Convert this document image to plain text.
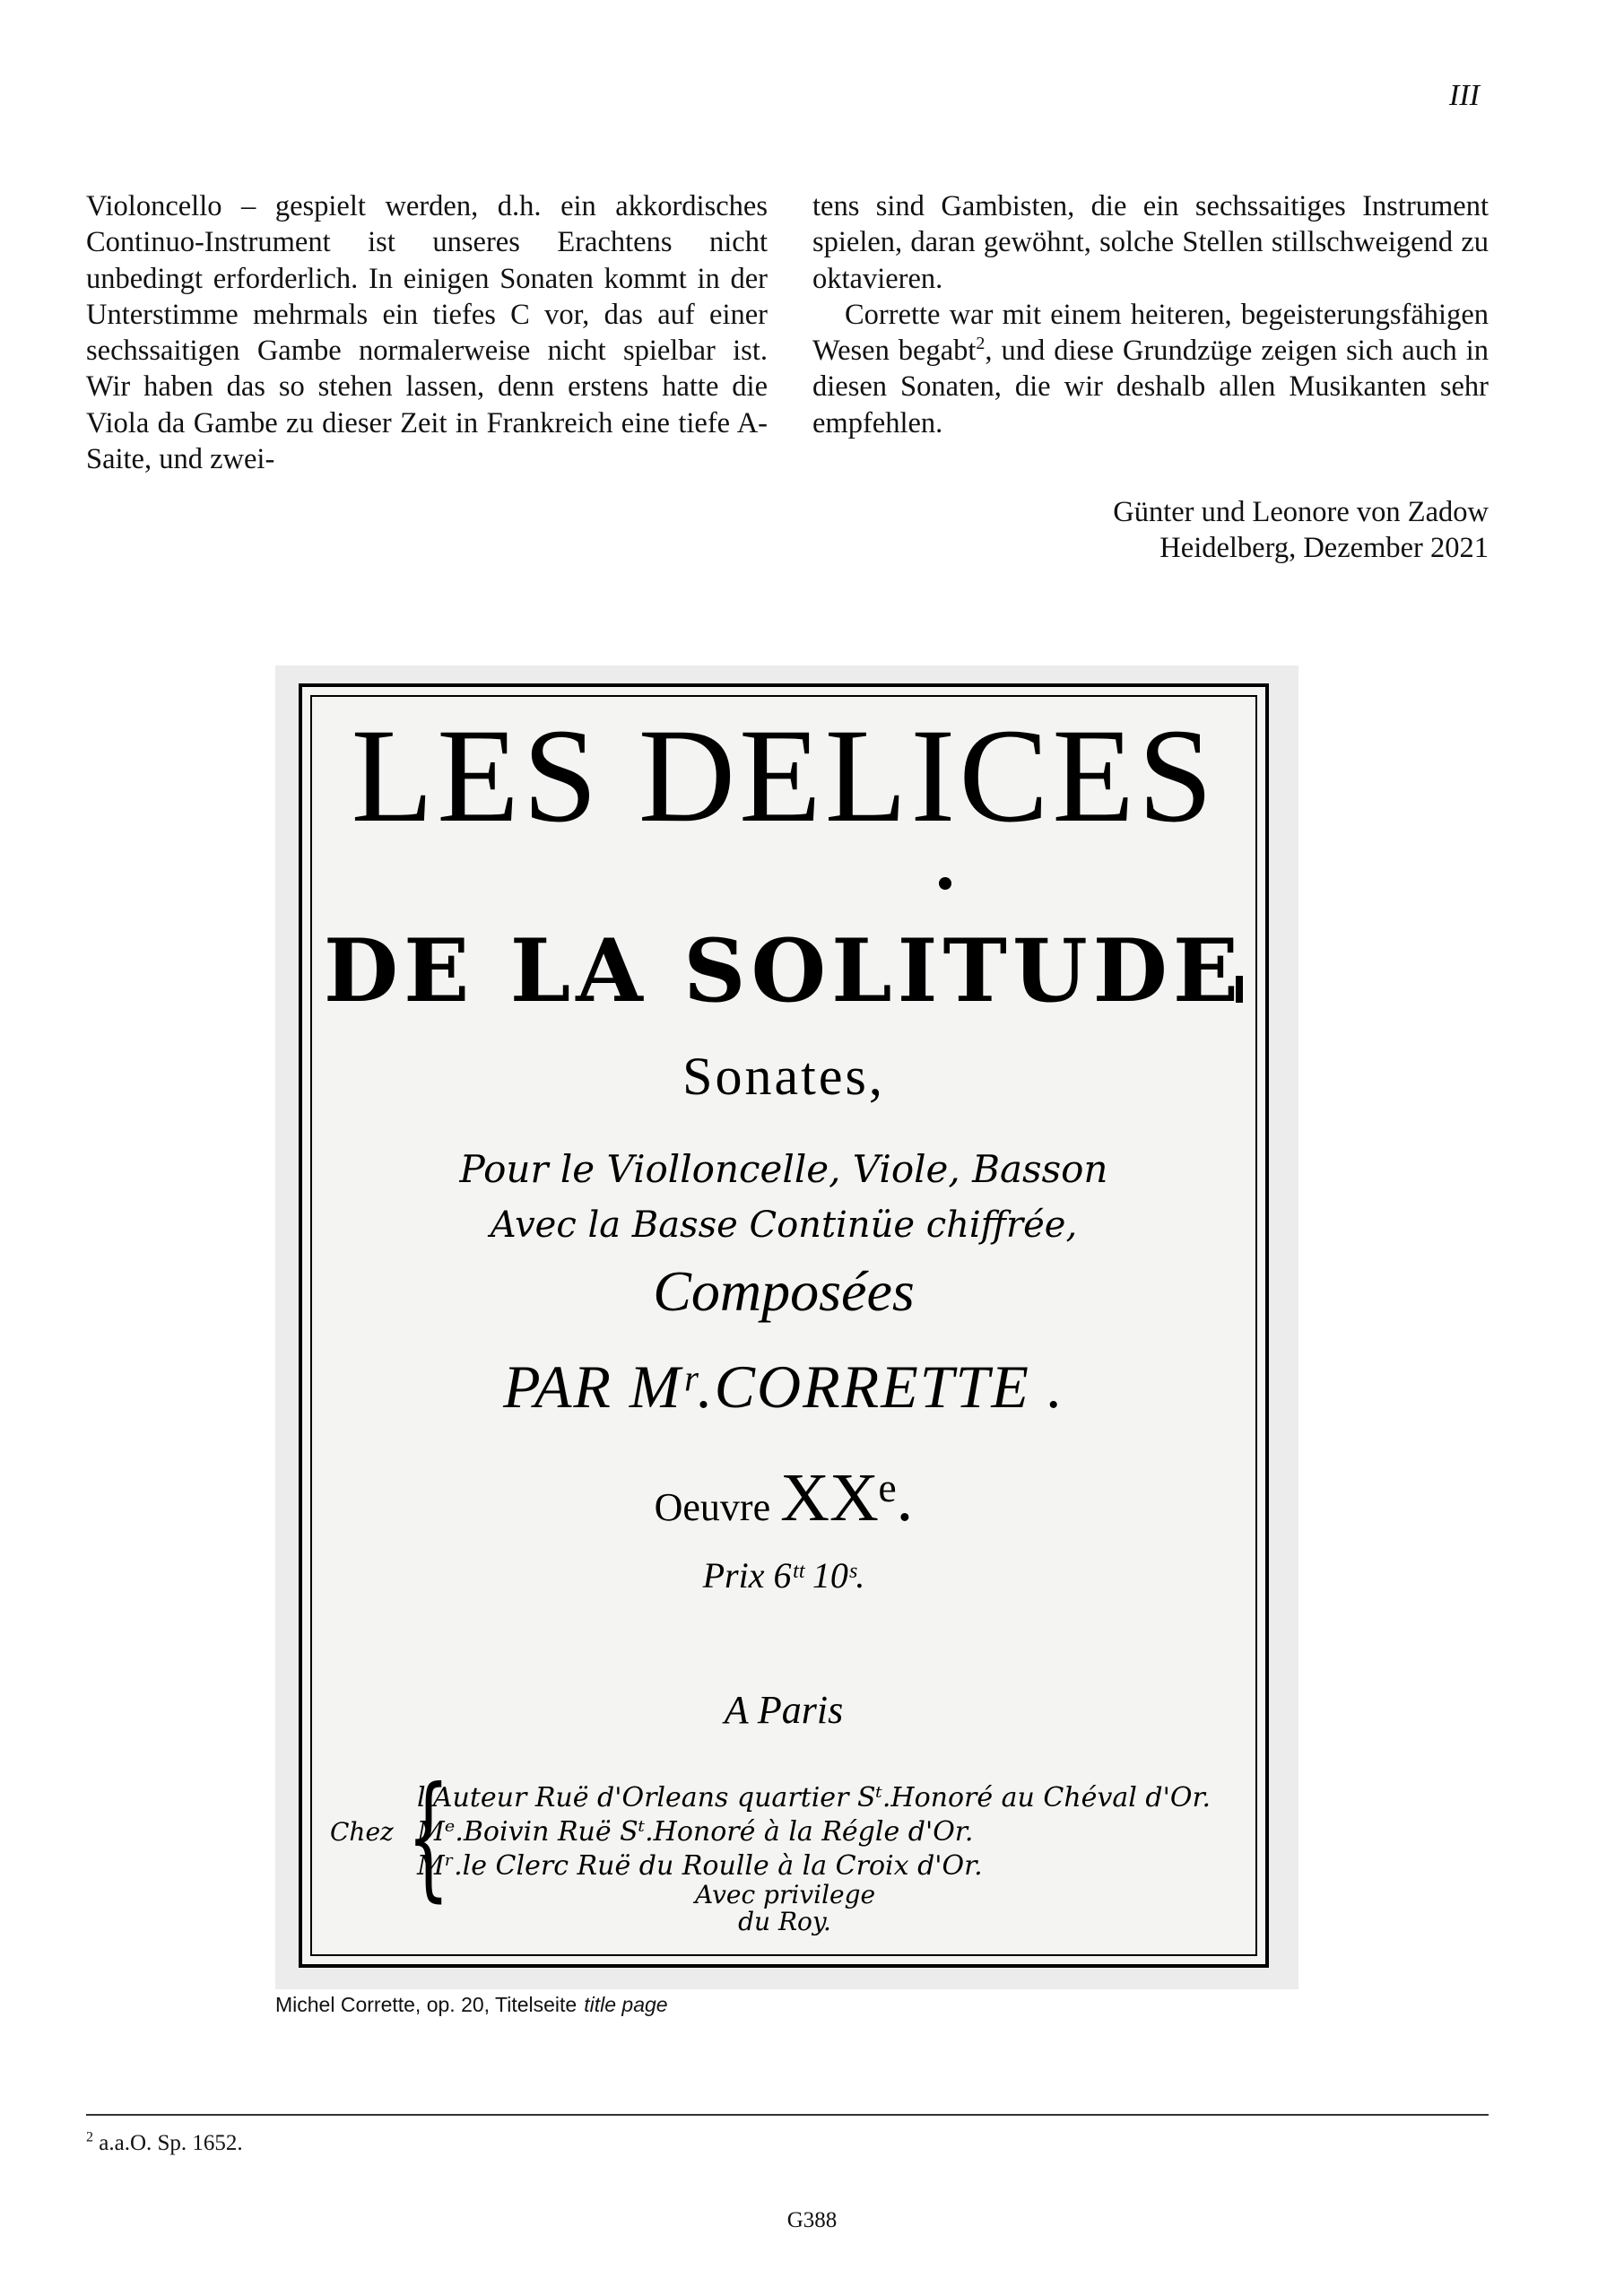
III

Violoncello – gespielt werden, d.h. ein akkordisches Continuo-Instrument ist unseres Erachtens nicht unbedingt erforderlich. In einigen Sonaten kommt in der Unterstimme mehrmals ein tiefes C vor, das auf einer sechssaitigen Gambe normalerweise nicht spielbar ist. Wir haben das so stehen lassen, denn erstens hatte die Viola da Gambe zu dieser Zeit in Frankreich eine tiefe A-Saite, und zwei-

tens sind Gambisten, die ein sechssaitiges Instrument spielen, daran gewöhnt, solche Stellen stillschweigend zu oktavieren.

Corrette war mit einem heiteren, begeisterungsfähigen Wesen begabt$^2$, und diese Grundzüge zeigen sich auch in diesen Sonaten, die wir deshalb allen Musikanten sehr empfehlen.

Günter und Leonore von Zadow
Heidelberg, Dezember 2021
LES DELICES
DE LA SOLITUDE
Sonates,
Pour le Violloncelle, Viole, Basson
Avec la Basse Continüe chiffrée,
Composées
PAR Mʳ.CORRETTE .
Oeuvre XXᵉ.
Prix 6ᵗᵗ 10ˢ.
A Paris
Chez {
l'Auteur Ruë d'Orleans quartier Sᵗ.Honoré au Chéval d'Or.
Mᵉ.Boivin Ruë Sᵗ.Honoré à la Régle d'Or.
Mʳ.le Clerc Ruë du Roulle à la Croix d'Or.
Avec privilege
du Roy.
Michel Corrette, op. 20, Titelseite title page
$^2$ a.a.O. Sp. 1652.
G388
